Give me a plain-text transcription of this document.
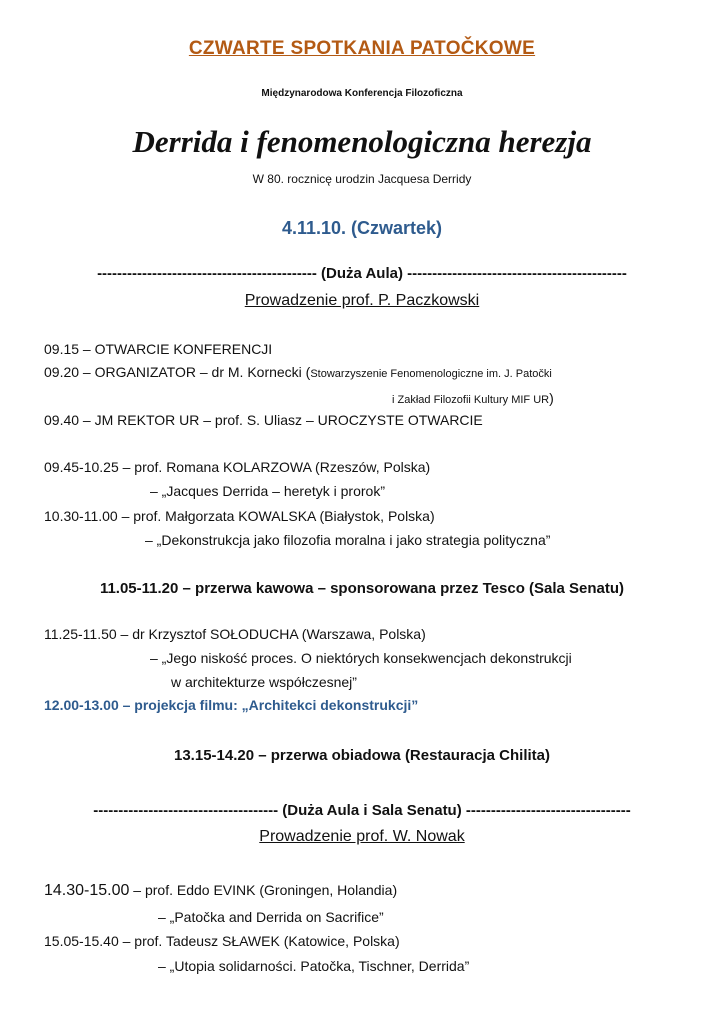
CZWARTE SPOTKANIA PATOČKOWE
Międzynarodowa Konferencja Filozoficzna
Derrida i fenomenologiczna herezja
W 80. rocznicę urodzin Jacquesa Derridy
4.11.10. (Czwartek)
-------------------------------------------- (Duża Aula) --------------------------------------------
Prowadzenie prof. P. Paczkowski
09.15 – OTWARCIE KONFERENCJI
09.20 – ORGANIZATOR – dr M. Kornecki (Stowarzyszenie Fenomenologiczne im. J. Patočki
i Zakład Filozofii Kultury MIF UR)
09.40 – JM REKTOR UR – prof. S. Uliasz – UROCZYSTE OTWARCIE
09.45-10.25 – prof. Romana KOLARZOWA (Rzeszów, Polska)
– „Jacques Derrida – heretyk i prorok”
10.30-11.00 – prof. Małgorzata KOWALSKA (Białystok, Polska)
– „Dekonstrukcja jako filozofia moralna i jako strategia polityczna”
11.05-11.20 – przerwa kawowa – sponsorowana przez Tesco (Sala Senatu)
11.25-11.50 – dr Krzysztof SOŁODUCHA (Warszawa, Polska)
– „Jego niskość proces. O niektórych konsekwencjach dekonstrukcji
w architekturze współczesnej”
12.00-13.00 – projekcja filmu: „Architekci dekonstrukcji”
13.15-14.20 – przerwa obiadowa (Restauracja Chilita)
------------------------------------- (Duża Aula i Sala Senatu) ---------------------------------
Prowadzenie prof. W. Nowak
14.30-15.00 – prof. Eddo EVINK (Groningen, Holandia)
– „Patočka and Derrida on Sacrifice”
15.05-15.40 – prof. Tadeusz SŁAWEK (Katowice, Polska)
– „Utopia solidarności. Patočka, Tischner, Derrida”
